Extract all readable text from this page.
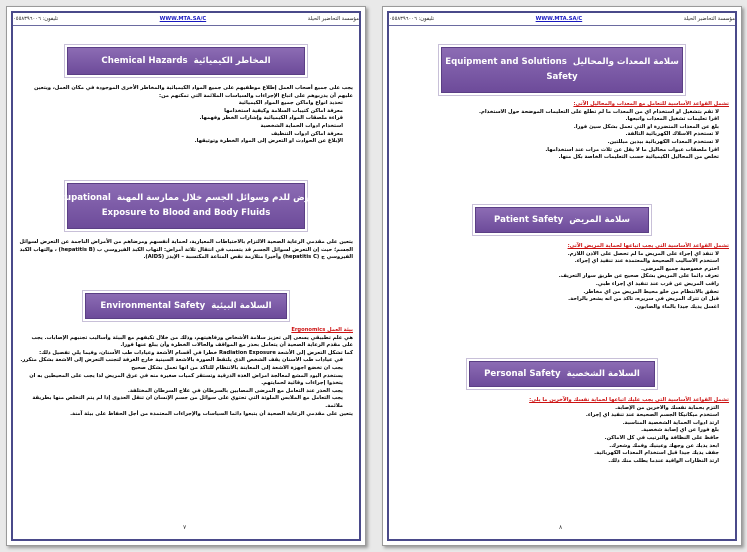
مؤسسة التحاضير الحيلة
WWW.MTA.SA/C
تليفون: ٠٥٥٨٣٩٦٠٠٦
المخاطر الكيميائية  Chemical Hazards
يجب على جميع أصحاب العمل إطلاع موظفيهم على جميع المواد الكيميائية والمخاطر الأخرى الموجودة في مكان العمل، ويتعين عليهم أن يدربوهم على اتباع الإجراءات والسياسات الملائمة التي تمكنهم من:
■ تحديد أنواع وأماكن جميع المواد الكيميائية
■ معرفة أماكن كتيبات السلامة وكيفية استخدامها
■ قراءة ملصقات المواد الكيميائية وإشارات الخطر وفهمها.
■ استخدام أدوات الحماية الشخصية
■ معرفة أماكن أدوات التنظيف
■ الإبلاغ عن الحوادث أو التعرض إلى المواد الخطرة وتوثيقها.
التعرض للدم وسوائل الجسم خلال ممارسة المهنة  Occupational
Exposure to Blood and Body Fluids
يتعين على مقدمي الرعاية الصحية الالتزام بالاحتياطات المعيارية، لحماية أنفسهم ومرضاهم من الأمراض الناجمة عن التعرض لسوائل الجسم؛ حيث إن التعرض لسوائل الجسم قد يتسبب في انتقال ثلاثة أمراض: التهاب الكبد الفيروسي ب (hepatitis B) ، والتهاب الكبد الفيروسي ج (hepatitis C) وأخيرا متلازمة نقص المناعة المكتسبة – الإيدز (AIDS).
السلامة البيئية  Environmental Safety
بيئة العمل Ergonomics
هي علم تطبيقي يسعى إلى تعزيز سلامة الأشخاص ورفاهيتهم، وذلك من خلال تكيفهم مع البيئة وأساليب تجنبهم الإصابات. يجب على مقدم الرعاية الصحية أن يتعامل بحذر مع المواقف والحالات الخطرة وأن يبلغ عنها فورا.
كما تشكل التعرض إلى الأشعة Radiation Exposure خطرا في أقسام الأشعة وعيادات طب الأسنان، وفيما يلي تفصيل ذلك:
■ في عيادات طب الأسنان يقف الشخص الذي يلتقط الصورة بالأشعة السينية خارج الغرفة لتجنب التعرض إلى الأشعة بشكل متكرر.
■ يجب أن تخضع أجهزة الأشعة إلى المعاينة بالانتظام للتأكد من أنها تعمل بشكل صحيح
■ يستخدم اليود المشع لمعالجة أمراض الغدة الدرقية وتستقر كميات صغيرة منه في عرق المريض لذا يجب على المحيطين به أن يتخذوا إجراءات وقائية لحمايتهم.
■ يجب الحذر عند التعامل مع المرضى المصابين بالسرطان في علاج السرطان المختلفة.
■ يجب التعامل مع الملابس الملوثة التي تحتوي على سوائل من جسم الإنسان أن تنقل العدوى إذا لم يتم التخلص منها بطريقة ملائمة.
يتعين على مقدمي الرعاية الصحية أن يتبعوا دائما السياسات والإجراءات المعتمدة من أجل الحفاظ على بيئة آمنة.
٧
مؤسسة التحاضير الحيلة
WWW.MTA.SA/C
تليفون: ٠٥٥٨٣٩٦٠٠٦
سلامة المعدات والمحاليل  Equipment and Solutions
Safety
تشمل القواعد الأساسية للتعامل مع المعدات والمحاليل الآتي:
■ لا تقم بتشغيل أو استخدام أي من المعدات ما لم تطلع على التعليمات الموضحة حول الاستخدام.
■ اقرأ تعليمات تشغيل المعدات واتبعها.
■ بلغ عن المعدات المتضررة أو التي تعمل بشكل سيئ فورا.
■ لا تستخدم الأسلاك الكهربائية التالفة.
■ لا تستخدم المعدات الكهربائية بيدين مبللتين.
■ اقرأ ملصقات عبوات محاليل ما لا يقل عن ثلاث مرات عند استخدامها.
■ تخلص من المحاليل الكيميائية حسب التعليمات الخاصة بكل منها.
سلامة المريض  Patient Safety
تشمل القواعد الأساسية التي يجب اتباعها لحماية المريض الآتي:
■ لا تنفذ أي إجراء على المريض ما لم تحصل على الأذن اللازم.
■ استخدم الأساليب الصحيحة والمعتمدة عند تنفيذ أي إجراء.
■ احترم خصوصية جميع المرضى.
■ تعرف دائما على المريض بشكل صحيح عن طريق سوار التعريف.
■ راقب المريض عن قرب عند تنفيذ أي إجراء طبي.
■ تحقق بالانتظام من خلو محيط المريض من أي مخاطر.
■ قبل أن تترك المريض في سريره، تأكد من أنه يشعر بالراحة.
■ اغسل يديك جيدا بالماء والصابون.
السلامة الشخصية  Personal Safety
تشمل القواعد الأساسية التي يجب عليك اتباعها لحماية نفسك والآخرين ما يلي:
■ التزم بحماية نفسك والآخرين من الإصابة.
■ استخدم ميكانيكا الجسم الصحيحة عند تنفيذ أي إجراء.
■ ارتد أدوات الحماية الشخصية المناسبة.
■ بلغ فورا عن أي إصابة شخصية.
■ حافظ على النظافة والترتيب في كل الأماكن.
■ أبعد يديك عن وجهك وعينيك وفمك وشعرك.
■ جفف يديك جيدا قبل استخدام المعدات الكهربائية.
■ ارتد النظارات الواقية عندما يطلب منك ذلك.
٨
